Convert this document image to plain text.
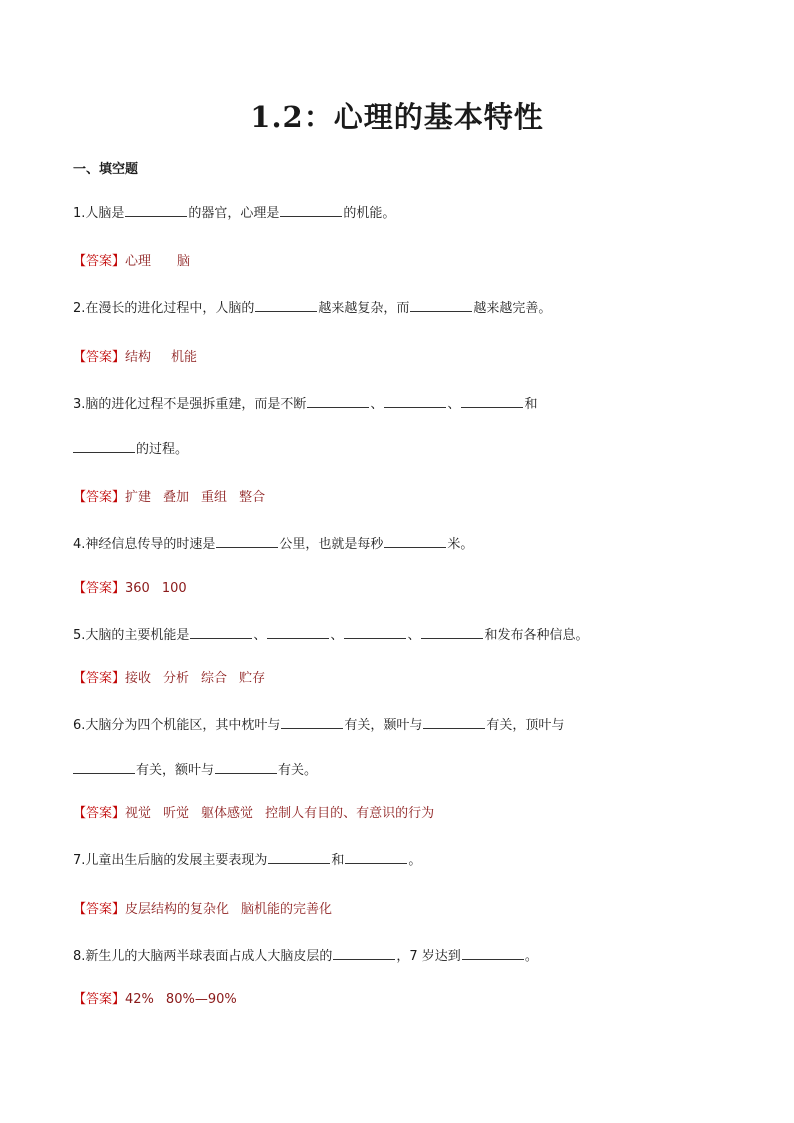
1.2：心理的基本特性
一、填空题
1.人脑是	的器官，心理是	的机能。
【答案】心理 脑
2.在漫长的进化过程中，人脑的	越来越复杂，而	越来越完善。
【答案】结构 机能
3.脑的进化过程不是强拆重建，而是不断	、	、	和
的过程。
【答案】扩建 叠加 重组 整合
4.神经信息传导的时速是	公里，也就是每秒	米。
【答案】360 100
5.大脑的主要机能是	、	、	、	和发布各种信息。
【答案】接收 分析 综合 贮存
6.大脑分为四个机能区，其中枕叶与	有关，颞叶与	有关，顶叶与
有关，额叶与	有关。
【答案】视觉 听觉 躯体感觉 控制人有目的、有意识的行为
7.儿童出生后脑的发展主要表现为	和	。
【答案】皮层结构的复杂化 脑机能的完善化
8.新生儿的大脑两半球表面占成人大脑皮层的	，7 岁达到	。
【答案】42% 80%—90%
